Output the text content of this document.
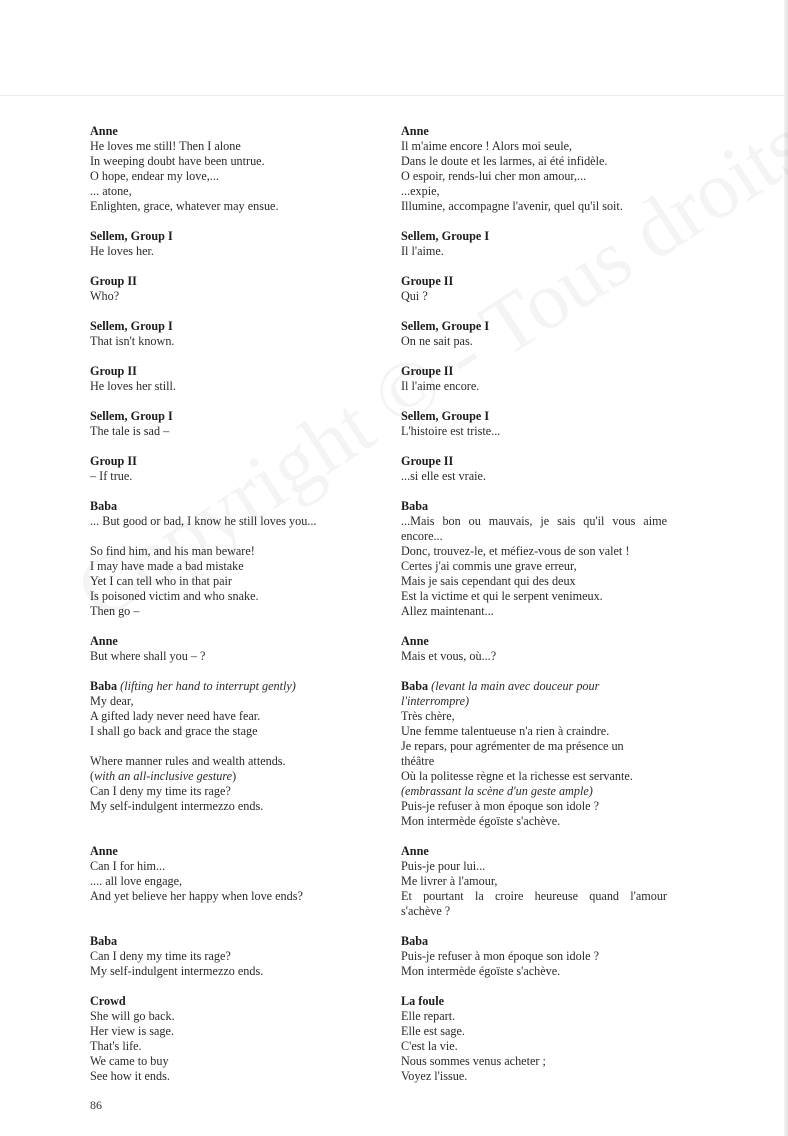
Anne
He loves me still! Then I alone
In weeping doubt have been untrue.
O hope, endear my love,...
... atone,
Enlighten, grace, whatever may ensue.
Sellem, Group I
He loves her.
Group II
Who?
Sellem, Group I
That isn't known.
Group II
He loves her still.
Sellem, Group I
The tale is sad –
Group II
– If true.
Baba
... But good or bad, I know he still loves you...
So find him, and his man beware!
I may have made a bad mistake
Yet I can tell who in that pair
Is poisoned victim and who snake.
Then go –
Anne
But where shall you – ?
Baba (lifting her hand to interrupt gently)
My dear,
A gifted lady never need have fear.
I shall go back and grace the stage
Where manner rules and wealth attends.
(with an all-inclusive gesture)
Can I deny my time its rage?
My self-indulgent intermezzo ends.
Anne
Can I for him...
.... all love engage,
And yet believe her happy when love ends?
Baba
Can I deny my time its rage?
My self-indulgent intermezzo ends.
Crowd
She will go back.
Her view is sage.
That's life.
We came to buy
See how it ends.
Anne
Il m'aime encore ! Alors moi seule,
Dans le doute et les larmes, ai été infidèle.
O espoir, rends-lui cher mon amour,...
...expie,
Illumine, accompagne l'avenir, quel qu'il soit.
Sellem, Groupe I
Il l'aime.
Groupe II
Qui ?
Sellem, Groupe I
On ne sait pas.
Groupe II
Il l'aime encore.
Sellem, Groupe I
L'histoire est triste...
Groupe II
...si elle est vraie.
Baba
...Mais bon ou mauvais, je sais qu'il vous aime
encore...
Donc, trouvez-le, et méfiez-vous de son valet !
Certes j'ai commis une grave erreur,
Mais je sais cependant qui des deux
Est la victime et qui le serpent venimeux.
Allez maintenant...
Anne
Mais et vous, où...?
Baba (levant la main avec douceur pour
l'interrompre)
Très chère,
Une femme talentueuse n'a rien à craindre.
Je repars, pour agrémenter de ma présence un
théâtre
Où la politesse règne et la richesse est servante.
(embrassant la scène d'un geste ample)
Puis-je refuser à mon époque son idole ?
Mon intermède égoïste s'achève.
Anne
Puis-je pour lui...
Me livrer à l'amour,
Et pourtant la croire heureuse quand l'amour
s'achève ?
Baba
Puis-je refuser à mon époque son idole ?
Mon intermède égoïste s'achève.
La foule
Elle repart.
Elle est sage.
C'est la vie.
Nous sommes venus acheter ;
Voyez l'issue.
86
